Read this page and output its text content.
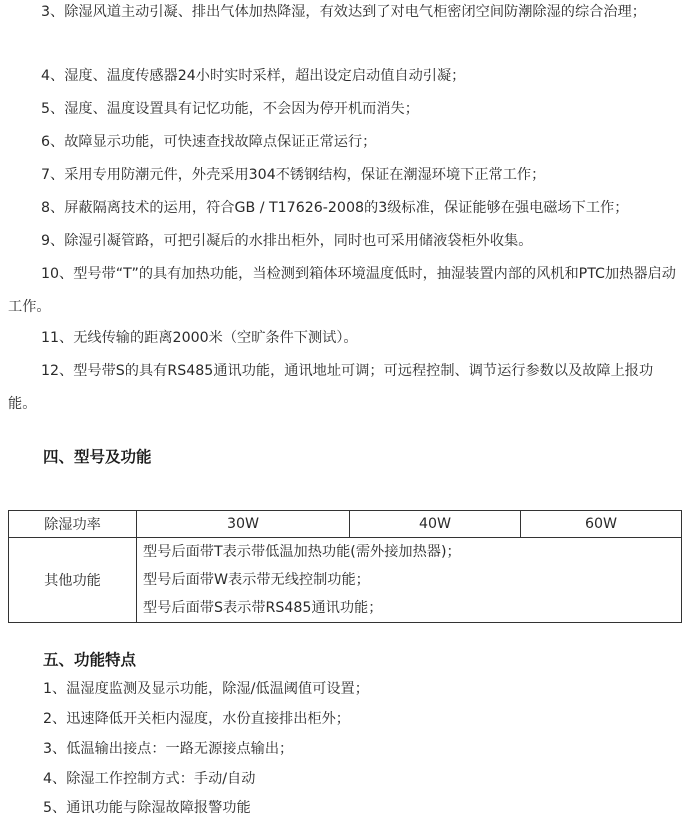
3、除湿风道主动引凝、排出气体加热降湿，有效达到了对电气柜密闭空间防潮除湿的综合治理；

4、湿度、温度传感器24小时实时采样，超出设定启动值自动引凝；

5、湿度、温度设置具有记忆功能，不会因为停开机而消失；

6、故障显示功能，可快速查找故障点保证正常运行；

7、采用专用防潮元件，外壳采用304不锈钢结构，保证在潮湿环境下正常工作；

8、屏蔽隔离技术的运用，符合GB / T17626-2008的3级标准，保证能够在强电磁场下工作；

9、除湿引凝管路，可把引凝后的水排出柜外，同时也可采用储液袋柜外收集。

10、型号带“T”的具有加热功能，当检测到箱体环境温度低时，抽湿装置内部的风机和PTC加热器启动工作。

11、无线传输的距离2000米（空旷条件下测试）。

12、型号带S的具有RS485通讯功能，通讯地址可调；可远程控制、调节运行参数以及故障上报功能。

四、型号及功能
除湿功率	30W	40W	60W
其他功能	型号后面带T表示带低温加热功能(需外接加热器)；
型号后面带W表示带无线控制功能；
型号后面带S表示带RS485通讯功能；		
五、功能特点

1、温湿度监测及显示功能，除湿/低温阈值可设置；

2、迅速降低开关柜内湿度，水份直接排出柜外；

3、低温输出接点：一路无源接点输出；

4、除湿工作控制方式：手动/自动

5、通讯功能与除湿故障报警功能
